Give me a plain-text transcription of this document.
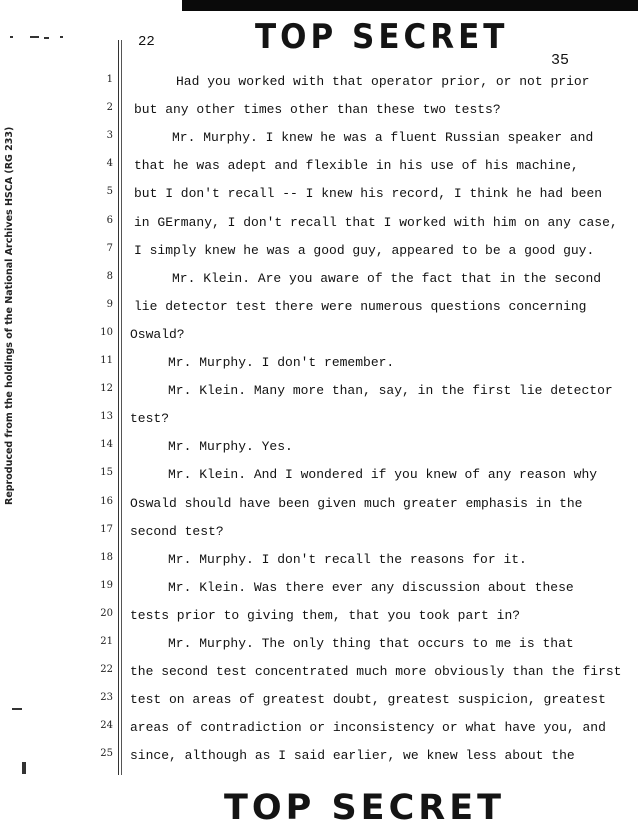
TOP SECRET
22
35
Reproduced from the holdings of the National Archives HSCA (RG 233)
1	Had you worked with that operator prior, or not prior
2 but any other times other than these two tests?
3	Mr. Murphy. I knew he was a fluent Russian speaker and
4 that he was adept and flexible in his use of his machine,
5 but I don't recall -- I knew his record, I think he had been
6 in GErmany, I don't recall that I worked with him on any case,
7 I simply knew he was a good guy, appeared to be a good guy.
8	Mr. Klein. Are you aware of the fact that in the second
9 lie detector test there were numerous questions concerning
10 Oswald?
11	Mr. Murphy. I don't remember.
12	Mr. Klein. Many more than, say, in the first lie detector
13 test?
14	Mr. Murphy. Yes.
15	Mr. Klein. And I wondered if you knew of any reason why
16 Oswald should have been given much greater emphasis in the
17 second test?
18	Mr. Murphy. I don't recall the reasons for it.
19	Mr. Klein. Was there ever any discussion about these
20 tests prior to giving them, that you took part in?
21	Mr. Murphy. The only thing that occurs to me is that
22 the second test concentrated much more obviously than the first
23 test on areas of greatest doubt, greatest suspicion, greatest
24 areas of contradiction or inconsistency or what have you, and
25 since, although as I said earlier, we knew less about the
TOP SECRET
